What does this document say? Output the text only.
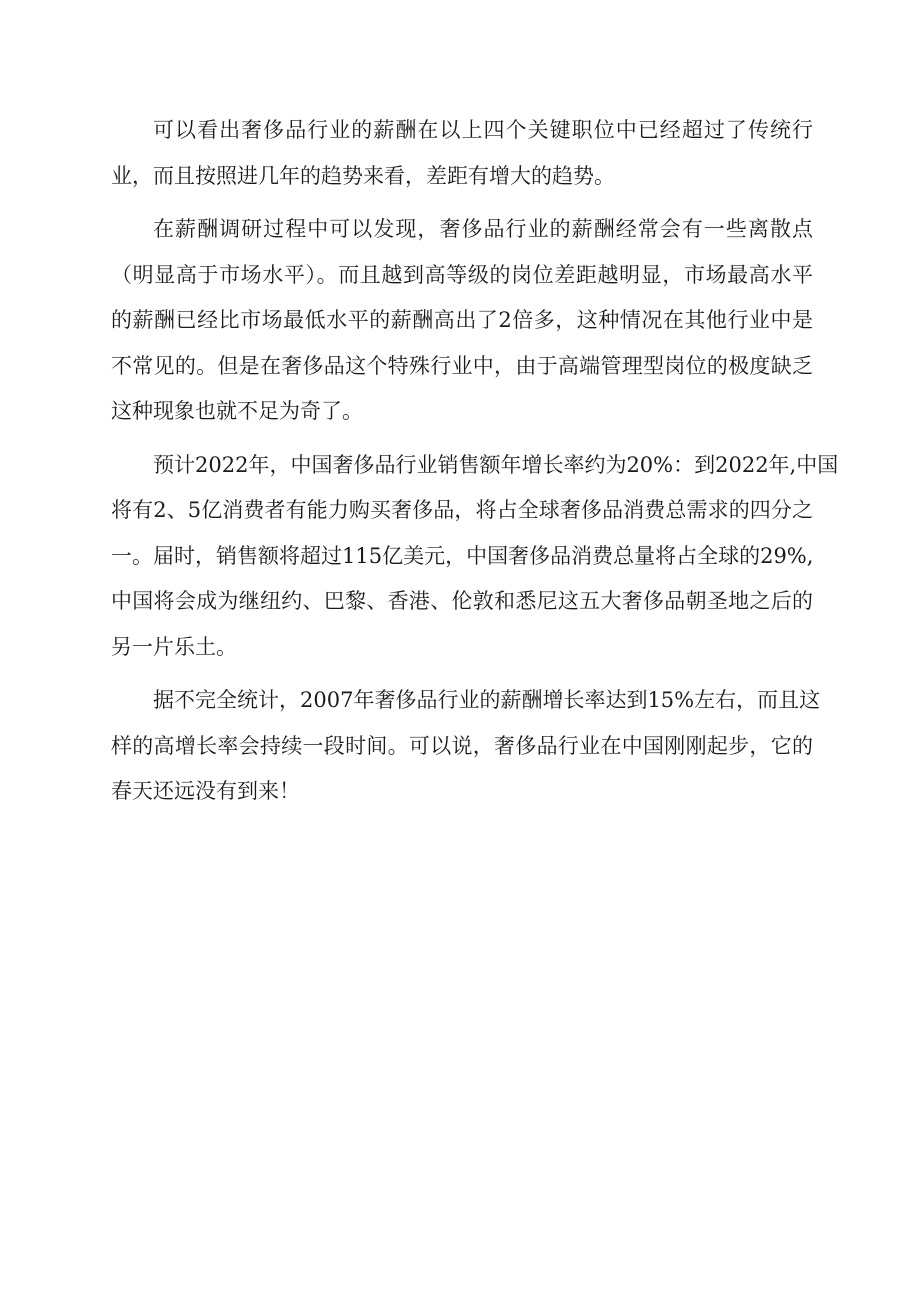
可以看出奢侈品行业的薪酬在以上四个关键职位中已经超过了传统行
业，而且按照进几年的趋势来看，差距有增大的趋势。

在薪酬调研过程中可以发现，奢侈品行业的薪酬经常会有一些离散点
（明显高于市场水平）。而且越到高等级的岗位差距越明显，市场最高水平
的薪酬已经比市场最低水平的薪酬高出了2倍多，这种情况在其他行业中是
不常见的。但是在奢侈品这个特殊行业中，由于高端管理型岗位的极度缺乏
这种现象也就不足为奇了。

预计2022年，中国奢侈品行业销售额年增长率约为20%：到2022年,中国
将有2、5亿消费者有能力购买奢侈品，将占全球奢侈品消费总需求的四分之
一。届时，销售额将超过115亿美元，中国奢侈品消费总量将占全球的29%,
中国将会成为继纽约、巴黎、香港、伦敦和悉尼这五大奢侈品朝圣地之后的
另一片乐土。

据不完全统计，2007年奢侈品行业的薪酬增长率达到15%左右，而且这
样的高增长率会持续一段时间。可以说，奢侈品行业在中国刚刚起步，它的
春天还远没有到来！
